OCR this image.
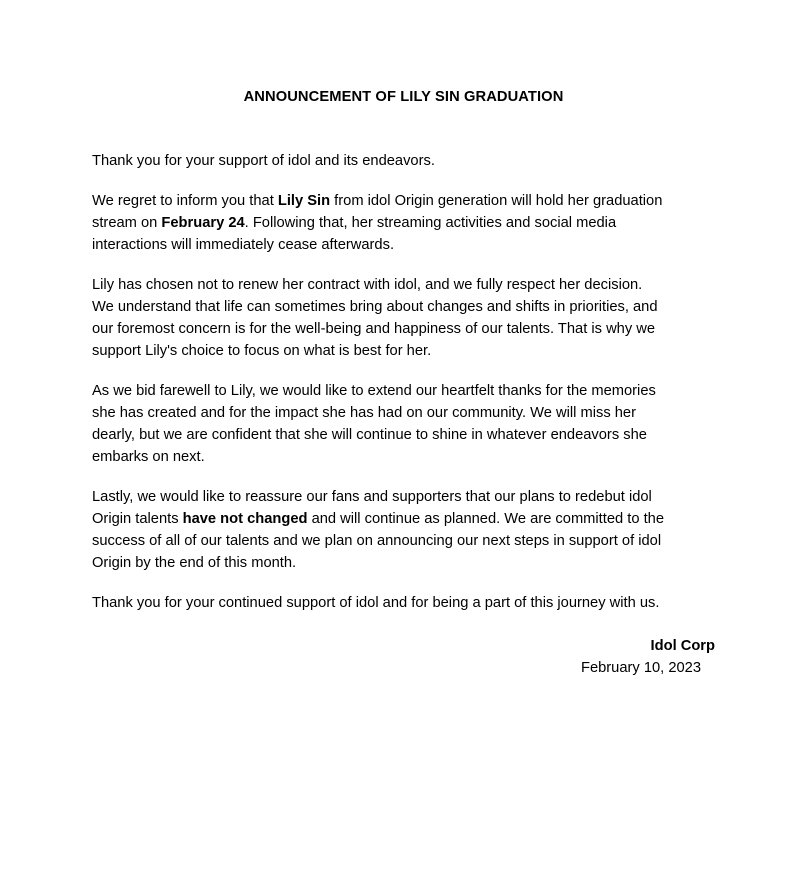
ANNOUNCEMENT OF LILY SIN GRADUATION

Thank you for your support of idol and its endeavors.

We regret to inform you that Lily Sin from idol Origin generation will hold her graduation
stream on February 24. Following that, her streaming activities and social media
interactions will immediately cease afterwards.

Lily has chosen not to renew her contract with idol, and we fully respect her decision.
We understand that life can sometimes bring about changes and shifts in priorities, and
our foremost concern is for the well-being and happiness of our talents. That is why we
support Lily's choice to focus on what is best for her.

As we bid farewell to Lily, we would like to extend our heartfelt thanks for the memories
she has created and for the impact she has had on our community. We will miss her
dearly, but we are confident that she will continue to shine in whatever endeavors she
embarks on next.

Lastly, we would like to reassure our fans and supporters that our plans to redebut idol
Origin talents have not changed and will continue as planned. We are committed to the
success of all of our talents and we plan on announcing our next steps in support of idol
Origin by the end of this month.

Thank you for your continued support of idol and for being a part of this journey with us.

Idol Corp
February 10, 2023
